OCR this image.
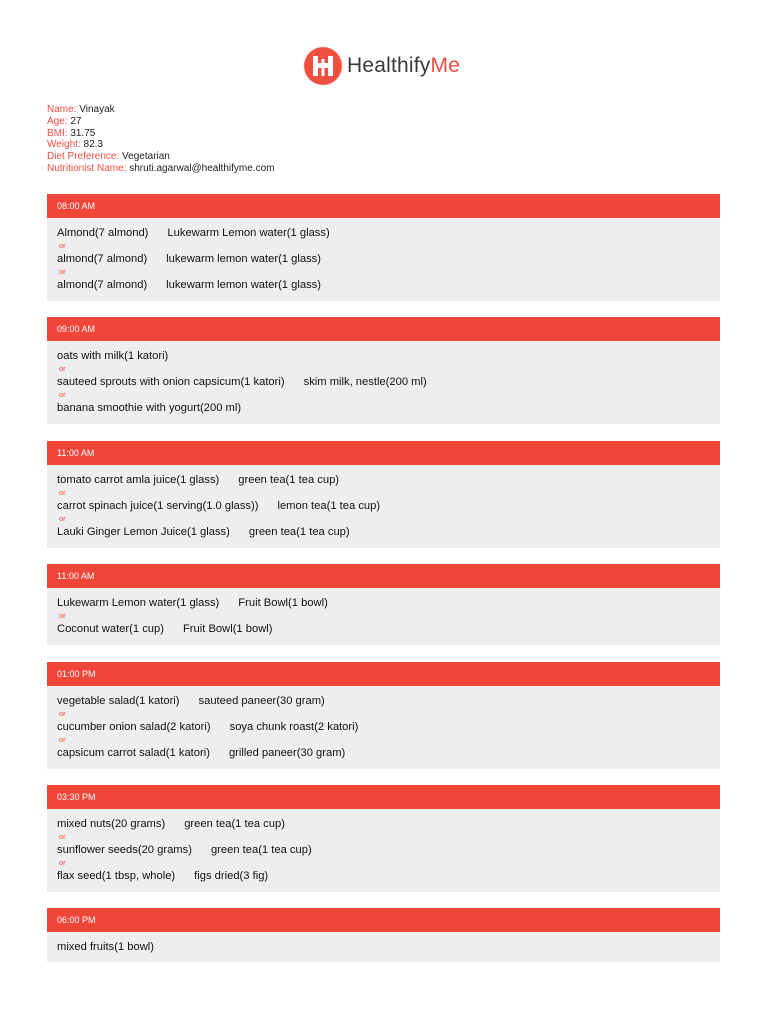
HealthifyMe
Name: Vinayak
Age: 27
BMI: 31.75
Weight: 82.3
Diet Preference: Vegetarian
Nutritionist Name: shruti.agarwal@healthifyme.com
08:00 AM
Almond(7 almond) Lukewarm Lemon water(1 glass)
or
almond(7 almond) lukewarm lemon water(1 glass)
or
almond(7 almond) lukewarm lemon water(1 glass)
09:00 AM
oats with milk(1 katori)
or
sauteed sprouts with onion capsicum(1 katori) skim milk, nestle(200 ml)
or
banana smoothie with yogurt(200 ml)
11:00 AM
tomato carrot amla juice(1 glass) green tea(1 tea cup)
or
carrot spinach juice(1 serving(1.0 glass)) lemon tea(1 tea cup)
or
Lauki Ginger Lemon Juice(1 glass) green tea(1 tea cup)
11:00 AM
Lukewarm Lemon water(1 glass) Fruit Bowl(1 bowl)
or
Coconut water(1 cup) Fruit Bowl(1 bowl)
01:00 PM
vegetable salad(1 katori) sauteed paneer(30 gram)
or
cucumber onion salad(2 katori) soya chunk roast(2 katori)
or
capsicum carrot salad(1 katori) grilled paneer(30 gram)
03:30 PM
mixed nuts(20 grams) green tea(1 tea cup)
or
sunflower seeds(20 grams) green tea(1 tea cup)
or
flax seed(1 tbsp, whole) figs dried(3 fig)
06:00 PM
mixed fruits(1 bowl)
